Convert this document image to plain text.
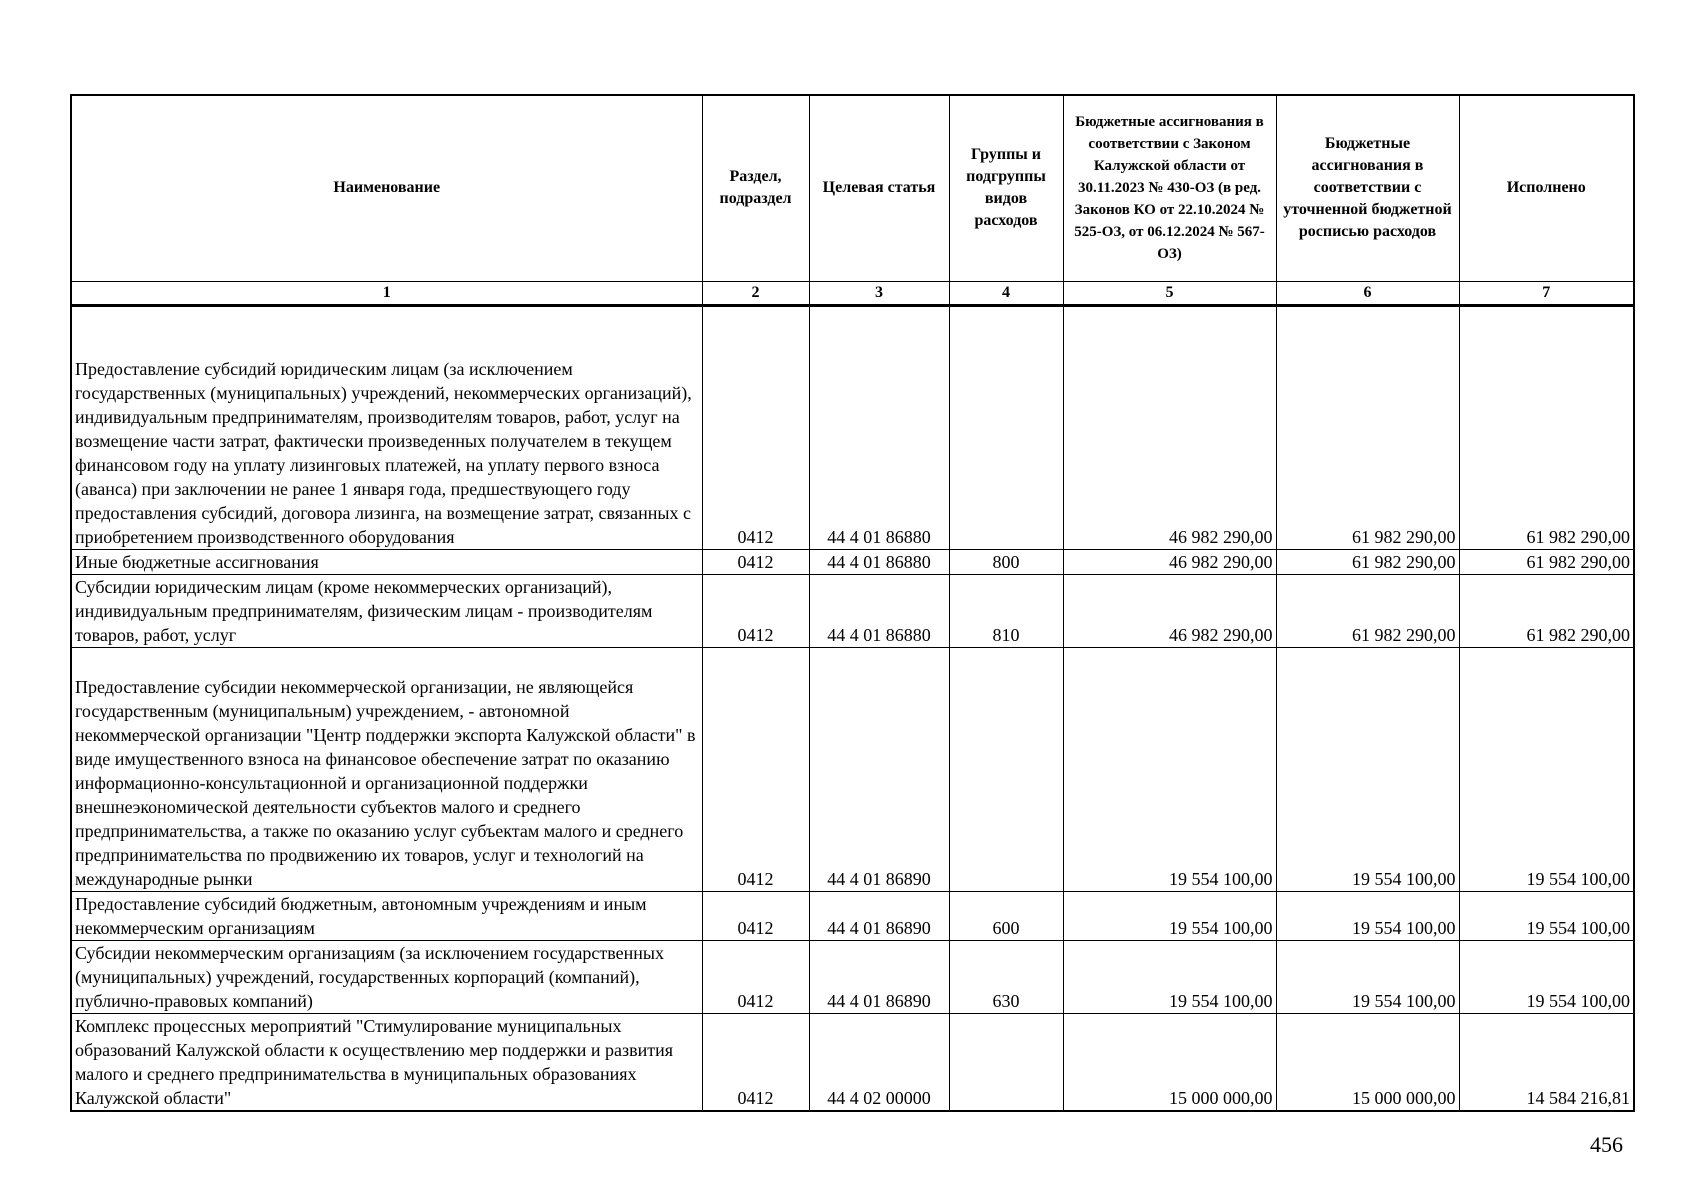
Наименование	Раздел, подраздел	Целевая статья	Группы и подгруппы видов расходов	Бюджетные ассигнования в соответствии с Законом Калужской области от 30.11.2023 № 430-ОЗ (в ред. Законов КО от 22.10.2024 № 525-ОЗ, от 06.12.2024 № 567-ОЗ)	Бюджетные ассигнования в соответствии с уточненной бюджетной росписью расходов	Исполнено
1	2	3	4	5	6	7
Предоставление субсидий юридическим лицам (за исключением государственных (муниципальных) учреждений, некоммерческих организаций), индивидуальным предпринимателям, производителям товаров, работ, услуг на возмещение части затрат, фактически произведенных получателем в текущем финансовом году на уплату лизинговых платежей, на уплату первого взноса (аванса) при заключении не ранее 1 января года, предшествующего году предоставления субсидий, договора лизинга, на возмещение затрат, связанных с приобретением производственного оборудования	0412	44 4 01 86880		46 982 290,00	61 982 290,00	61 982 290,00
Иные бюджетные ассигнования	0412	44 4 01 86880	800	46 982 290,00	61 982 290,00	61 982 290,00
Субсидии юридическим лицам (кроме некоммерческих организаций), индивидуальным предпринимателям, физическим лицам - производителям товаров, работ, услуг	0412	44 4 01 86880	810	46 982 290,00	61 982 290,00	61 982 290,00
Предоставление субсидии некоммерческой организации, не являющейся государственным (муниципальным) учреждением, - автономной некоммерческой организации "Центр поддержки экспорта Калужской области" в виде имущественного взноса на финансовое обеспечение затрат по оказанию информационно-консультационной и организационной поддержки внешнеэкономической деятельности субъектов малого и среднего предпринимательства, а также по оказанию услуг субъектам малого и среднего предпринимательства по продвижению их товаров, услуг и технологий на международные рынки	0412	44 4 01 86890		19 554 100,00	19 554 100,00	19 554 100,00
Предоставление субсидий бюджетным, автономным учреждениям и иным некоммерческим организациям	0412	44 4 01 86890	600	19 554 100,00	19 554 100,00	19 554 100,00
Субсидии некоммерческим организациям (за исключением государственных (муниципальных) учреждений, государственных корпораций (компаний), публично-правовых компаний)	0412	44 4 01 86890	630	19 554 100,00	19 554 100,00	19 554 100,00
Комплекс процессных мероприятий "Стимулирование муниципальных образований Калужской области к осуществлению мер поддержки и развития малого и среднего предпринимательства в муниципальных образованиях Калужской области"	0412	44 4 02 00000		15 000 000,00	15 000 000,00	14 584 216,81
456
